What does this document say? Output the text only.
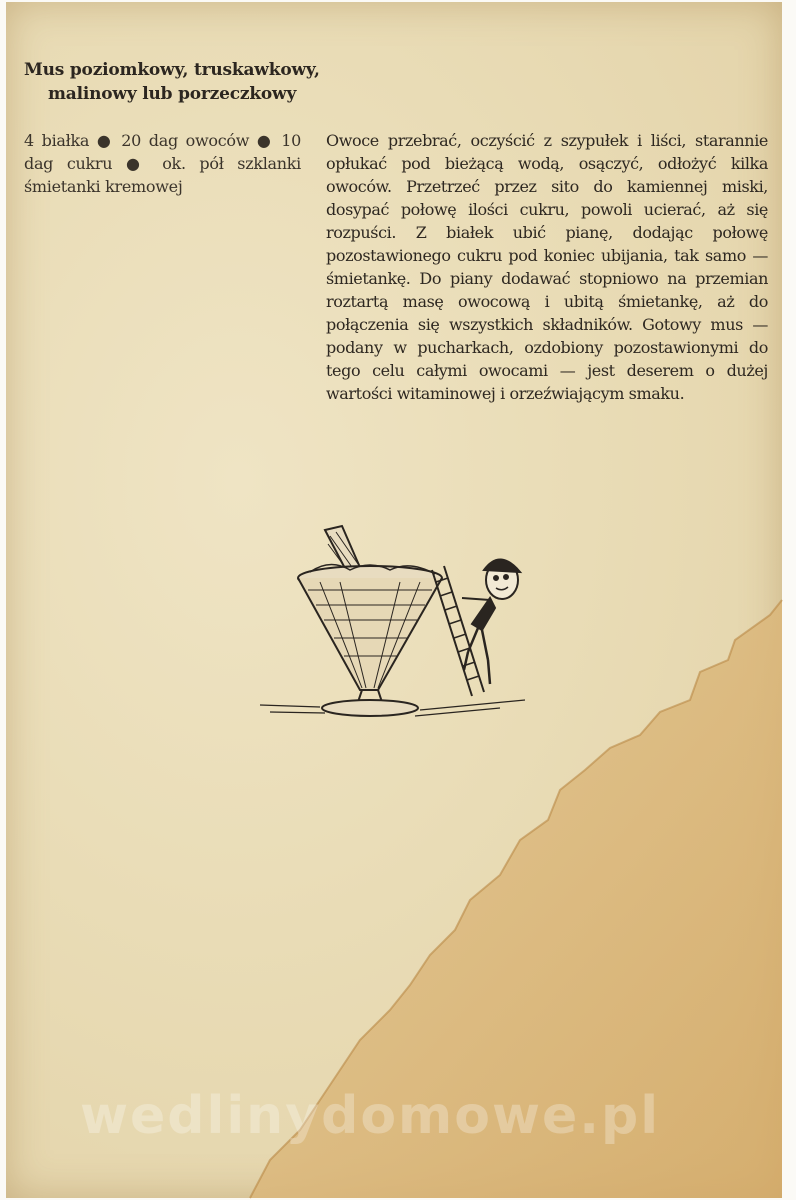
Mus poziomkowy, truskawkowy,
malinowy lub porzeczkowy
4 białka ● 20 dag owoców ● 10 dag cukru ● ok. pół szklanki śmietanki kremowej

Owoce przebrać, oczyścić z szypułek i liści, starannie opłukać pod bieżącą wodą, osączyć, odłożyć kilka owoców. Przetrzeć przez sito do kamiennej miski, dosypać połowę ilości cukru, powoli ucierać, aż się rozpuści. Z białek ubić pianę, dodając połowę pozostawionego cukru pod koniec ubijania, tak samo — śmietankę. Do piany dodawać stopniowo na przemian roztartą masę owocową i ubitą śmietankę, aż do połączenia się wszystkich składników. Gotowy mus — podany w pucharkach, ozdobiony pozostawionymi do tego celu całymi owocami — jest deserem o dużej wartości witaminowej i orzeźwiającym smaku.

wedlinydomowe.pl
